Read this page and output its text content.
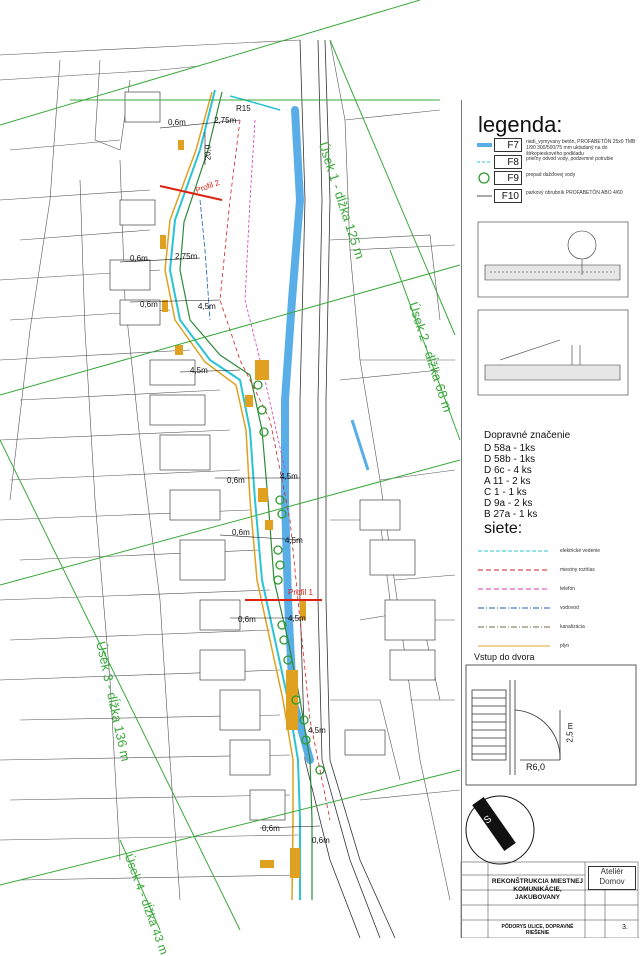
S
Úsek 1 - dĺžka 125 m
Úsek 2 - dĺžka 68 m
Úsek 3 - dĺžka 136 m
Úsek 4 - dĺžka 43 m
Profil 2
Profil 1
0,6m	2,75m
20,0
R15
0,6m	2,75m
0,6m	4,5m
4,5m
0,6m	4,5m
0,6m
4,5m
0,6m	4,5m
4,5m
0,6m
0,6m
legenda:
F7	riadi_vymyvany betón, PROFABETÓN 25x0 TMB 1/90 300/500/75 mm uktadaný na do štrkopieskového podkladu
F8	prieľny odvod vody, podzemné potrubie
F9	prepad dažďovej vody
F10	parkový obrubník PROFABETÓN ABO 4/60
Dopravné značenie
D 58a - 1ks
D 58b - 1ks
D 6c - 4 ks
A 11 - 2 ks
C 1 - 1 ks
D 9a - 2 ks
B 27a - 1 ks
siete:
elektrické vedenie
miestny rozhlas
telefón
vodovod
kanalizácia
plyn
Vstup do dvora
2,5 m
R6,0
REKONŠTRUKCIA MIESTNEJ KOMUNIKÁCIE, JAKUBOVANY
PÔDORYS ULICE, DOPRAVNÉ RIEŠENIE
Ateliér Domov
3.
